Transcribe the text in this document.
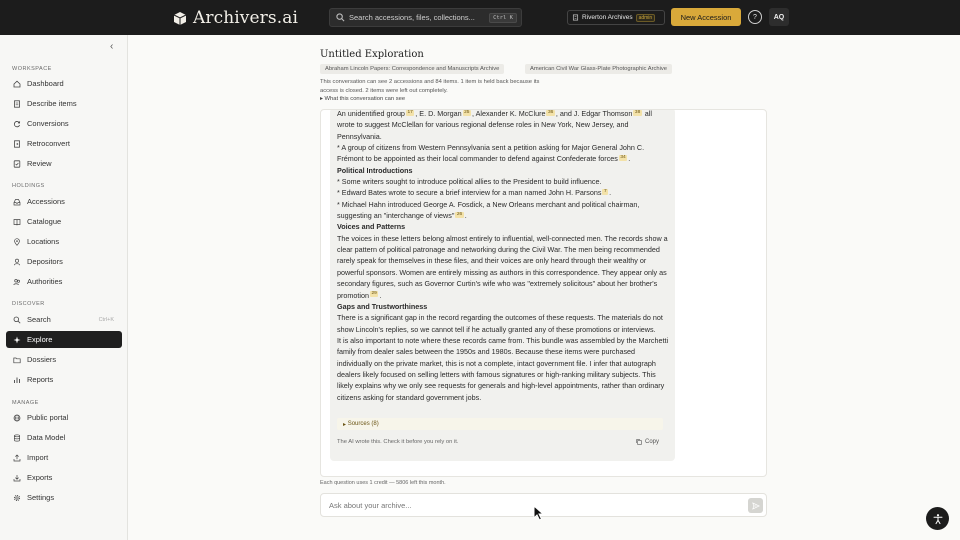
Archivers.ai	Search accessions, files, collections...	Ctrl K	Riverton Archives	admin	New Accession	?	AQ
‹
WORKSPACE
Dashboard
Describe items
Conversions
Retroconvert
Review
HOLDINGS
Accessions
Catalogue
Locations
Depositors
Authorities
DISCOVER
Search	Ctrl+K
Explore
Dossiers
Reports
MANAGE
Public portal
Data Model
Import
Exports
Settings
Untitled Exploration
Abraham Lincoln Papers: Correspondence and Manuscripts Archive	American Civil War Glass-Plate Photographic Archive
This conversation can see 2 accessions and 84 items. 1 item is held back because its access is closed. 2 items were left out completely.
▸ What this conversation can see

An unidentified group 17 , E. D. Morgan 25 , Alexander K. McClure 36 , and J. Edgar Thomson 38 all wrote to suggest McClellan for various regional defense roles in New York, New Jersey, and Pennsylvania.

* A group of citizens from Western Pennsylvania sent a petition asking for Major General John C. Frémont to be appointed as their local commander to defend against Confederate forces 34 .

Political Introductions

* Some writers sought to introduce political allies to the President to build influence.

* Edward Bates wrote to secure a brief interview for a man named John H. Parsons 7 .

* Michael Hahn introduced George A. Fosdick, a New Orleans merchant and political chairman, suggesting an "interchange of views" 26 .

Voices and Patterns

The voices in these letters belong almost entirely to influential, well-connected men. The records show a clear pattern of political patronage and networking during the Civil War. The men being recommended rarely speak for themselves in these files, and their voices are only heard through their wealthy or powerful sponsors. Women are entirely missing as authors in this correspondence. They appear only as secondary figures, such as Governor Curtin's wife who was "extremely solicitous" about her brother's promotion 29 .

Gaps and Trustworthiness

There is a significant gap in the record regarding the outcomes of these requests. The materials do not show Lincoln's replies, so we cannot tell if he actually granted any of these promotions or interviews.

It is also important to note where these records came from. This bundle was assembled by the Marchetti family from dealer sales between the 1950s and 1980s. Because these items were purchased individually on the private market, this is not a complete, intact government file. I infer that autograph dealers likely focused on selling letters with famous signatures or high-ranking military subjects. This likely explains why we only see requests for generals and high-level appointments, rather than ordinary citizens asking for standard government jobs.

▸ Sources (8)
The AI wrote this. Check it before you rely on it.	Copy
Each question uses 1 credit — 5806 left this month.
Ask about your archive...
